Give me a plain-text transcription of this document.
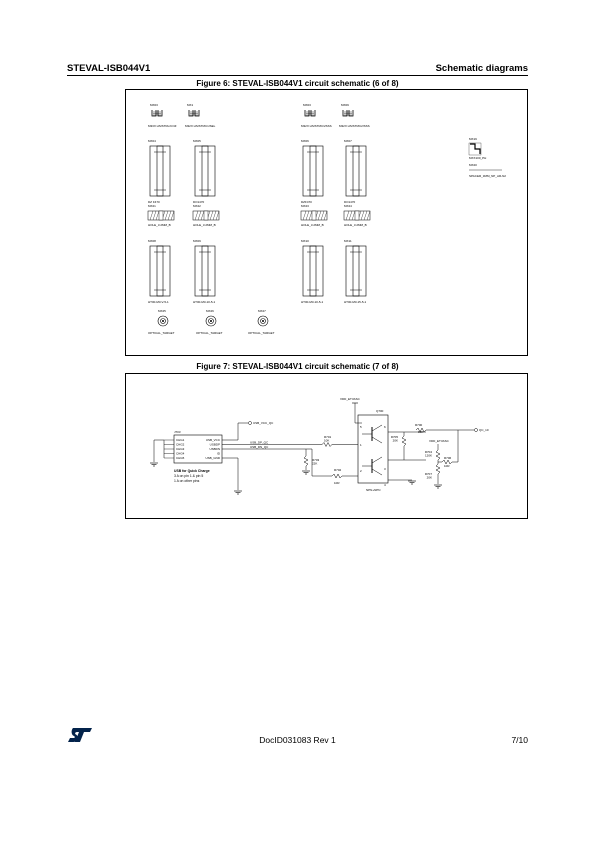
STEVAL-ISB044V1	Schematic diagrams
Figure 6: STEVAL-ISB044V1 circuit schematic (6 of 8)
MX03
M33X HS/STRL/COZ
MX1
M32X HS/STMC1/SEL
MX03
M32X HS/STMC/2SSS
MX09
M32X HS/STMC2/SSS
MX19
MXX100_PH
MX20
SPACER_3MM_NP_AR-N2
MX04
DZ F470
MX05
DO1470
MX06
DZF470
MX07
DO1470
MX21
HOLE_3.2MM_B
MX22
HOLE_3.2MM_B
MX23
HOLE_3.2MM_B
MX24
HOLE_3.2MM_B
MX08
HT00-M3-V-5-1
MX09
HT00-M3-10-5-1
MX10
HT00-M3-10-5-1
MX11
HT00-M3-15-5-1
MX25
OPTICAL_TARGET
MX26
OPTICAL_TARGET
MX27
OPTICAL_TARGET
Figure 7: STEVAL-ISB044V1 circuit schematic (7 of 8)
J703
CHG1
CHG2
CHG3
CHG4
CHG5
USB_VCC
USBDP
USBDN
ID
USB_GND
USB_VCC_QC
USB_DP_QC
USB_DN_QC
R701
10K
R703
22K
R702
10R
Q700
5
1
2
6
3
4
NPN+NPN
VDD_ETVASC
R705
20K
R700
10K
VDD_ETVASC
R704
120K
R707
20K
R706
10R
QC_10
USB for Quick Charge
3 A on pin 1 & pin 5
1 A on other pins
DocID031083 Rev 1	7/10
